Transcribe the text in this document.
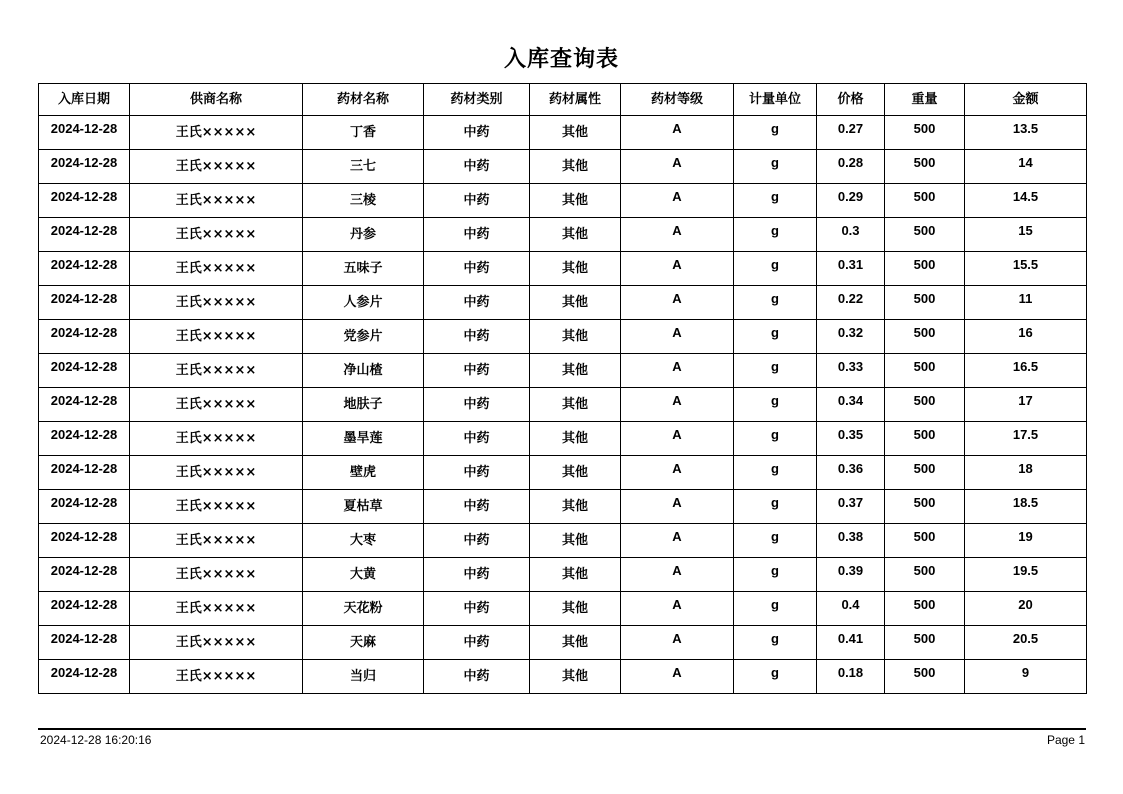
入库查询表
入库日期	供商名称	药材名称	药材类别	药材属性	药材等级	计量单位	价格	重量	金额
2024-12-28	王氏×××××	丁香	中药	其他	A	g	0.27	500	13.5
2024-12-28	王氏×××××	三七	中药	其他	A	g	0.28	500	14
2024-12-28	王氏×××××	三棱	中药	其他	A	g	0.29	500	14.5
2024-12-28	王氏×××××	丹参	中药	其他	A	g	0.3	500	15
2024-12-28	王氏×××××	五味子	中药	其他	A	g	0.31	500	15.5
2024-12-28	王氏×××××	人参片	中药	其他	A	g	0.22	500	11
2024-12-28	王氏×××××	党参片	中药	其他	A	g	0.32	500	16
2024-12-28	王氏×××××	净山楂	中药	其他	A	g	0.33	500	16.5
2024-12-28	王氏×××××	地肤子	中药	其他	A	g	0.34	500	17
2024-12-28	王氏×××××	墨旱莲	中药	其他	A	g	0.35	500	17.5
2024-12-28	王氏×××××	壁虎	中药	其他	A	g	0.36	500	18
2024-12-28	王氏×××××	夏枯草	中药	其他	A	g	0.37	500	18.5
2024-12-28	王氏×××××	大枣	中药	其他	A	g	0.38	500	19
2024-12-28	王氏×××××	大黄	中药	其他	A	g	0.39	500	19.5
2024-12-28	王氏×××××	天花粉	中药	其他	A	g	0.4	500	20
2024-12-28	王氏×××××	天麻	中药	其他	A	g	0.41	500	20.5
2024-12-28	王氏×××××	当归	中药	其他	A	g	0.18	500	9
2024-12-28 16:20:16	Page 1
